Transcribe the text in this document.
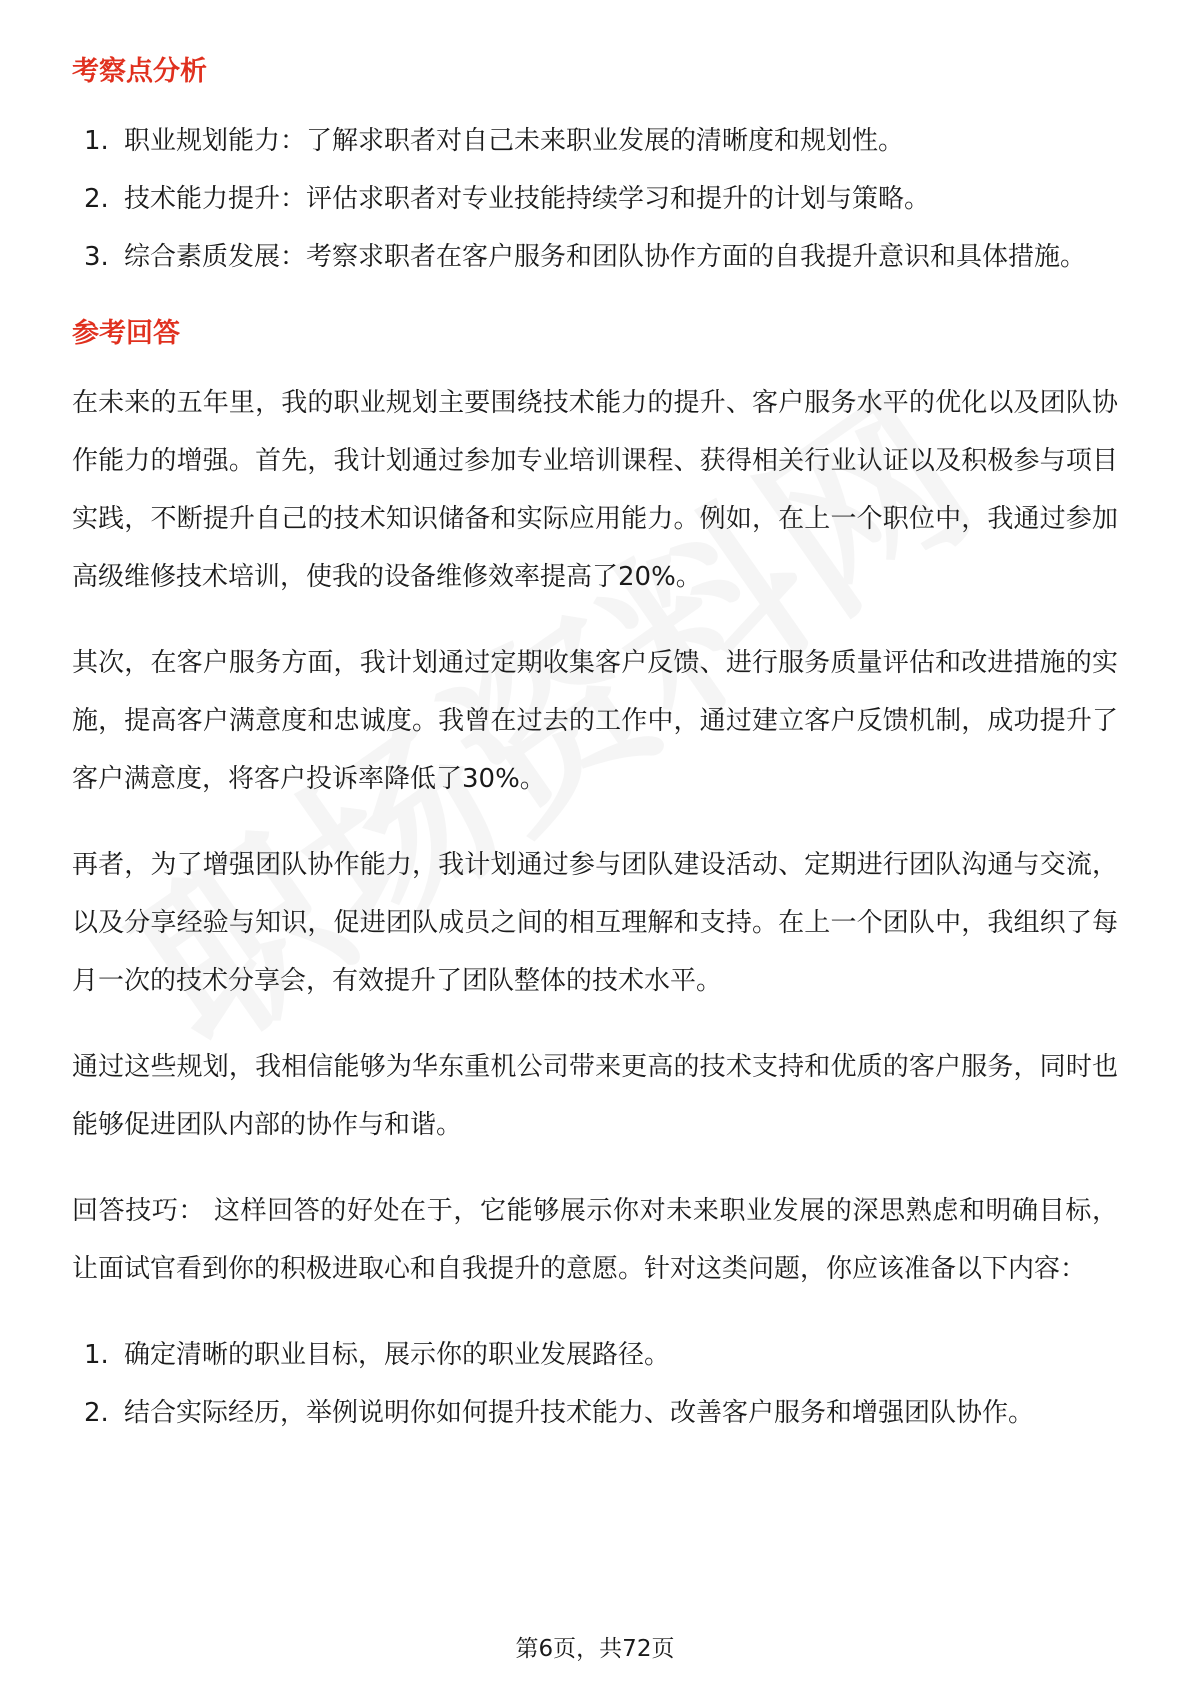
考察点分析
1. 职业规划能力：了解求职者对自己未来职业发展的清晰度和规划性。
2. 技术能力提升：评估求职者对专业技能持续学习和提升的计划与策略。
3. 综合素质发展：考察求职者在客户服务和团队协作方面的自我提升意识和具体措施。
参考回答

在未来的五年里，我的职业规划主要围绕技术能力的提升、客户服务水平的优化以及团队协作能力的增强。首先，我计划通过参加专业培训课程、获得相关行业认证以及积极参与项目实践，不断提升自己的技术知识储备和实际应用能力。例如，在上一个职位中，我通过参加高级维修技术培训，使我的设备维修效率提高了20%。

其次，在客户服务方面，我计划通过定期收集客户反馈、进行服务质量评估和改进措施的实施，提高客户满意度和忠诚度。我曾在过去的工作中，通过建立客户反馈机制，成功提升了客户满意度，将客户投诉率降低了30%。

再者，为了增强团队协作能力，我计划通过参与团队建设活动、定期进行团队沟通与交流，以及分享经验与知识，促进团队成员之间的相互理解和支持。在上一个团队中，我组织了每月一次的技术分享会，有效提升了团队整体的技术水平。

通过这些规划，我相信能够为华东重机公司带来更高的技术支持和优质的客户服务，同时也能够促进团队内部的协作与和谐。

回答技巧： 这样回答的好处在于，它能够展示你对未来职业发展的深思熟虑和明确目标，让面试官看到你的积极进取心和自我提升的意愿。针对这类问题，你应该准备以下内容：

1. 确定清晰的职业目标，展示你的职业发展路径。
2. 结合实际经历，举例说明你如何提升技术能力、改善客户服务和增强团队协作。
第6页，共72页
